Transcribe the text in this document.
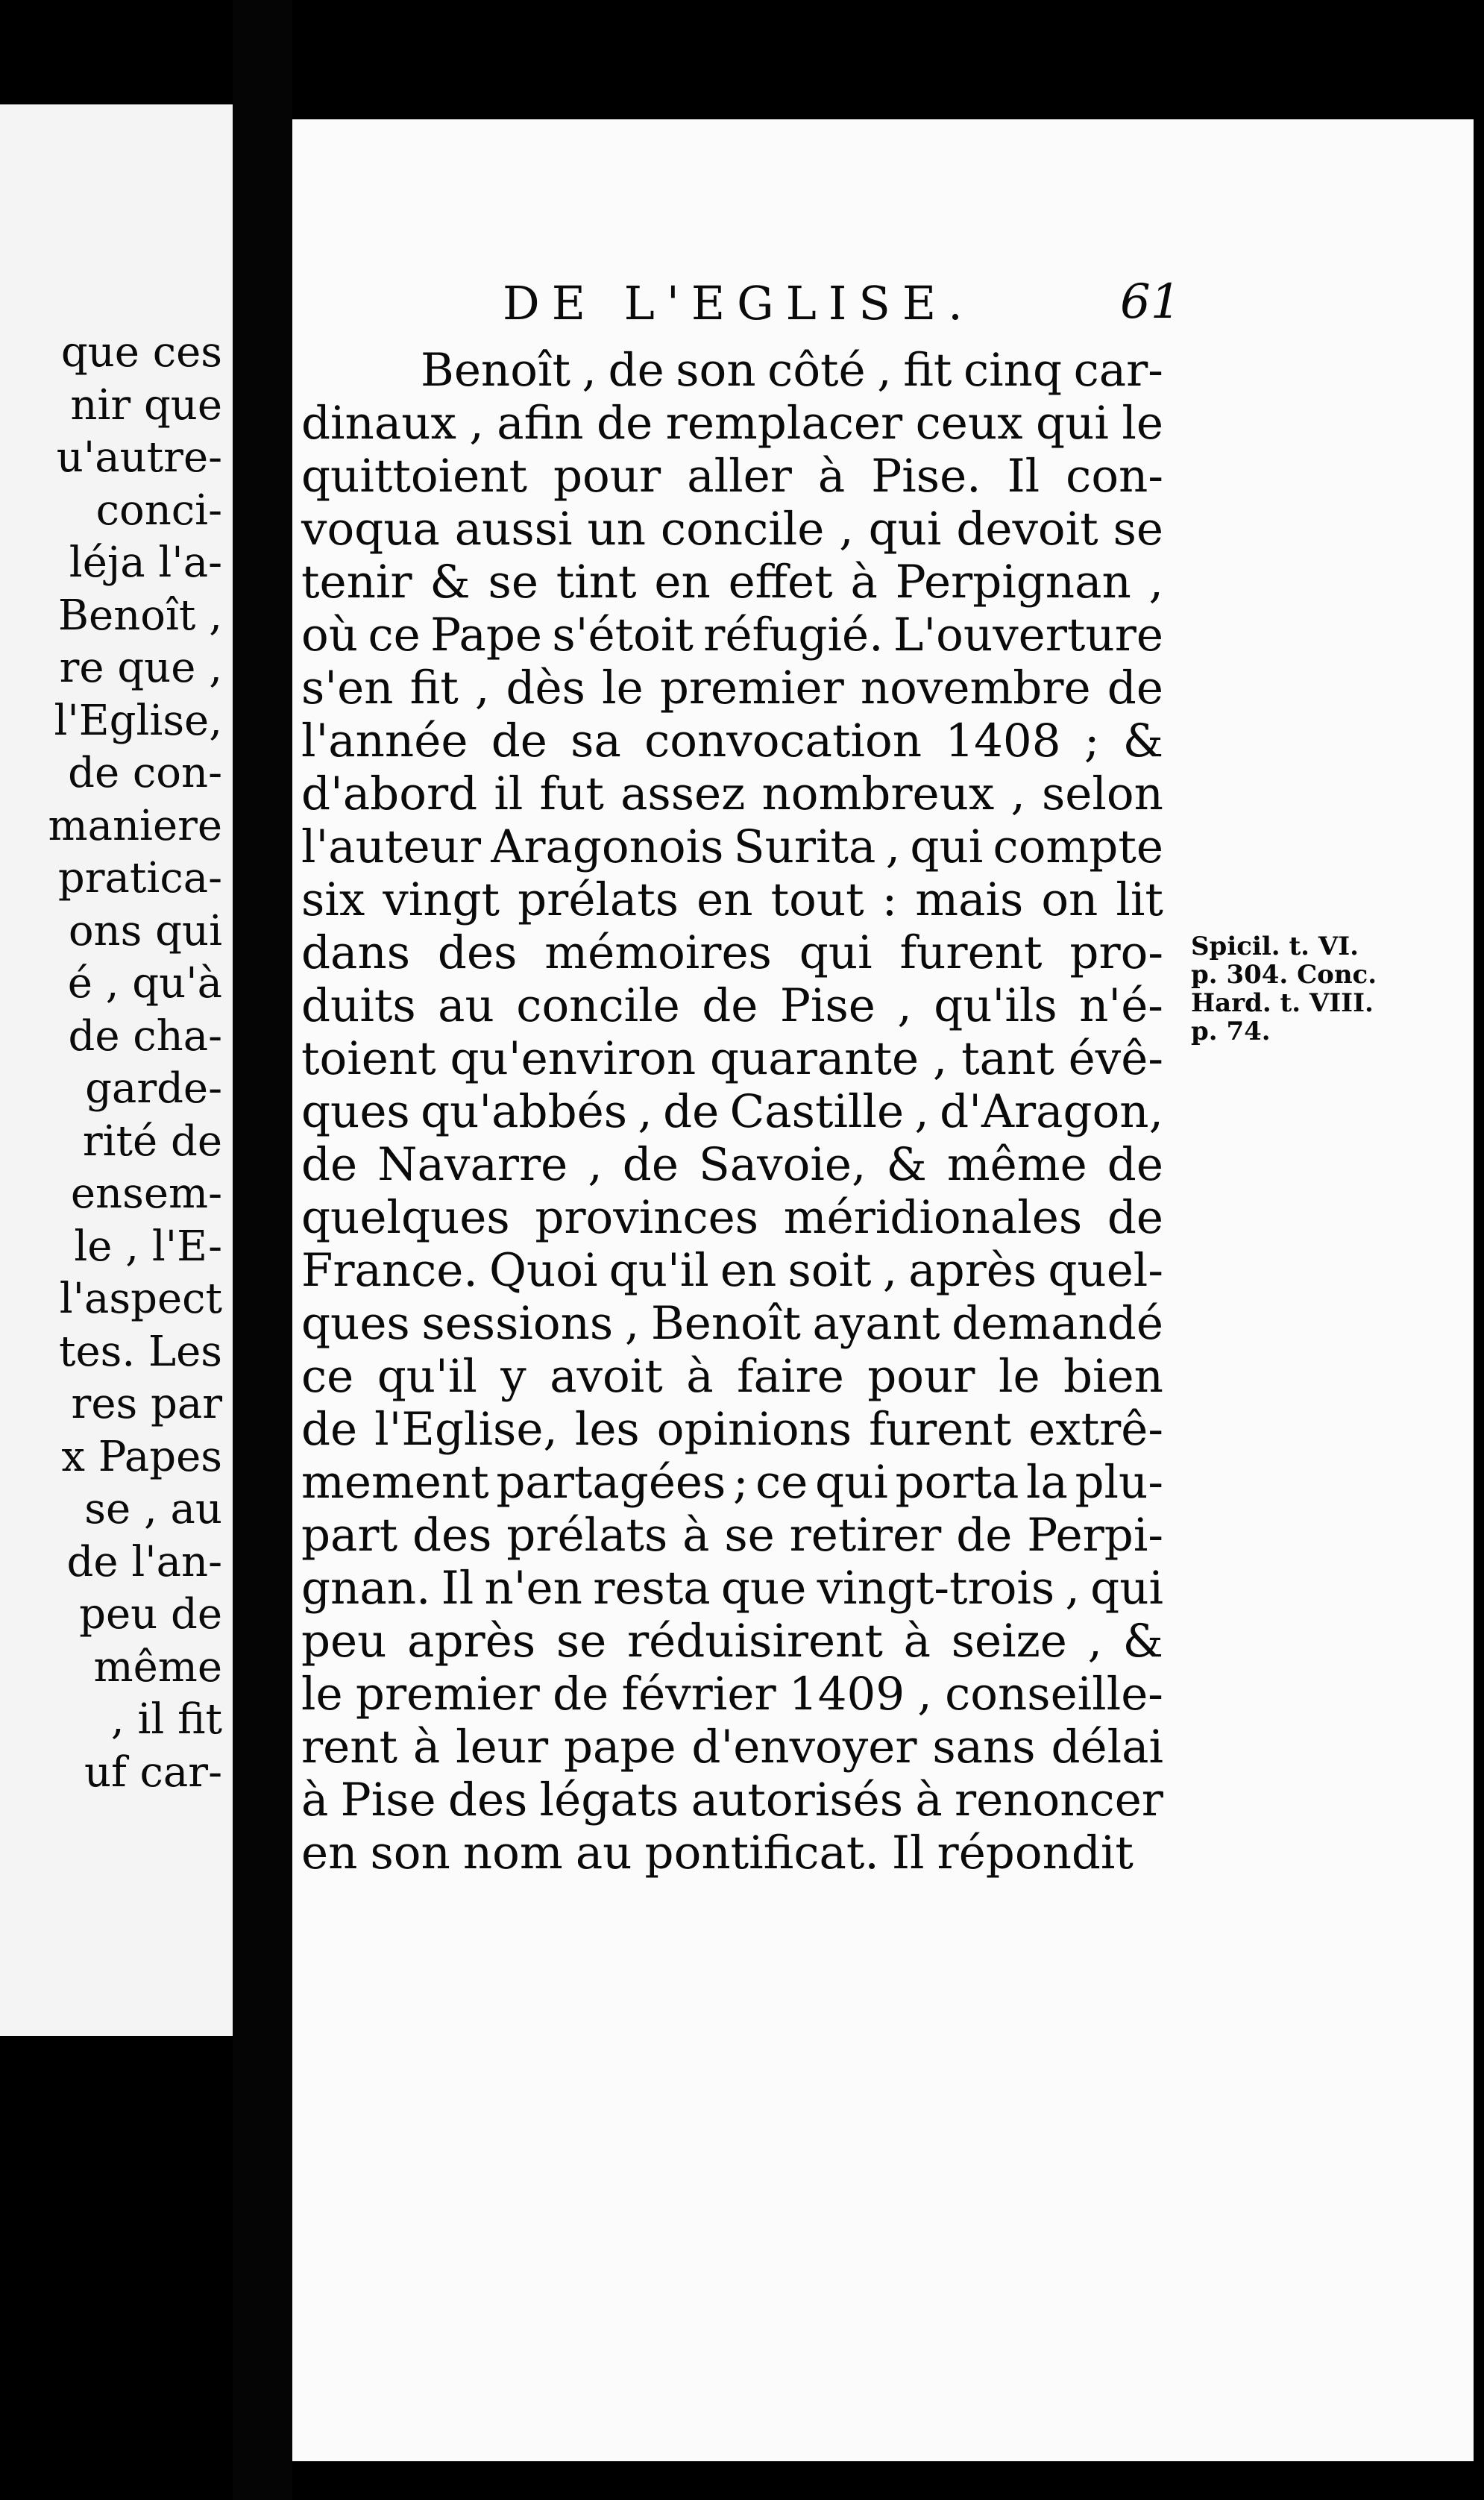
que ces
nir que
u'autre-
conci-
léja l'a-
Benoît ,
re que ,
l'Eglise,
de con-
maniere
pratica-
ons qui
é , qu'à
de cha-
garde-
rité de
ensem-
le , l'E-
l'aspect
tes. Les
res par
x Papes
se , au
de l'an-
peu de
même
, il fit
uf car-
DE L'EGLISE.	61
Spicil. t. VI.
p. 304. Conc.
Hard. t. VIII.
p. 74.
Benoît , de son côté , fit cinq car-
dinaux , afin de remplacer ceux qui le
quittoient pour aller à Pise. Il con-
voqua aussi un concile , qui devoit se
tenir & se tint en effet à Perpignan ,
où ce Pape s'étoit réfugié. L'ouverture
s'en fit , dès le premier novembre de
l'année de sa convocation 1408 ; &
d'abord il fut assez nombreux , selon
l'auteur Aragonois Surita , qui compte
six vingt prélats en tout : mais on lit
dans des mémoires qui furent pro-
duits au concile de Pise , qu'ils n'é-
toient qu'environ quarante , tant évê-
ques qu'abbés , de Castille , d'Aragon,
de Navarre , de Savoie, & même de
quelques provinces méridionales de
France. Quoi qu'il en soit , après quel-
ques sessions , Benoît ayant demandé
ce qu'il y avoit à faire pour le bien
de l'Eglise, les opinions furent extrê-
mement partagées ; ce qui porta la plu-
part des prélats à se retirer de Perpi-
gnan. Il n'en resta que vingt-trois , qui
peu après se réduisirent à seize , &
le premier de février 1409 , conseille-
rent à leur pape d'envoyer sans délai
à Pise des légats autorisés à renoncer
en son nom au pontificat. Il répondit
